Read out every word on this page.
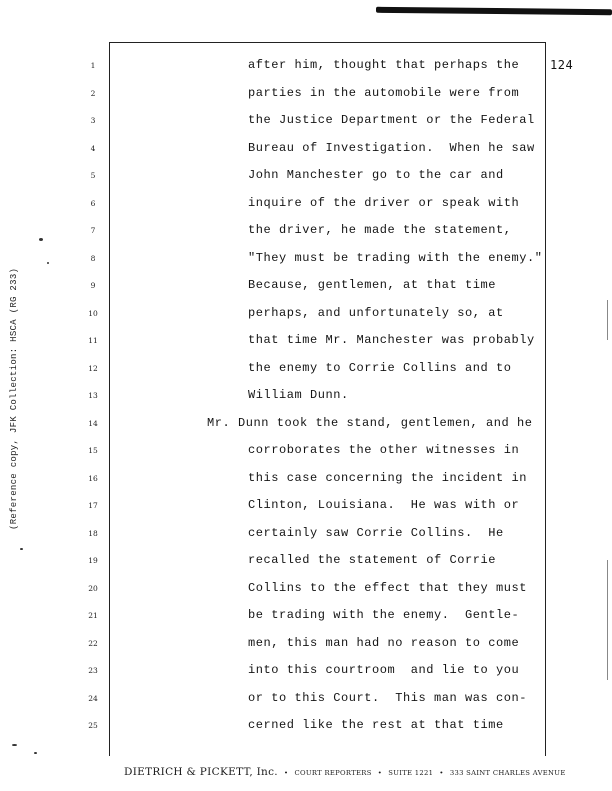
124
1
2
3
4
5
6
7
8
9
10
11
12
13
14
15
16
17
18
19
20
21
22
23
24
25
after him, thought that perhaps the
parties in the automobile were from
the Justice Department or the Federal
Bureau of Investigation.  When he saw
John Manchester go to the car and
inquire of the driver or speak with
the driver, he made the statement,
"They must be trading with the enemy."
Because, gentlemen, at that time
perhaps, and unfortunately so, at
that time Mr. Manchester was probably
the enemy to Corrie Collins and to
William Dunn.
Mr. Dunn took the stand, gentlemen, and he
corroborates the other witnesses in
this case concerning the incident in
Clinton, Louisiana.  He was with or
certainly saw Corrie Collins.  He
recalled the statement of Corrie
Collins to the effect that they must
be trading with the enemy.  Gentle-
men, this man had no reason to come
into this courtroom  and lie to you
or to this Court.  This man was con-
cerned like the rest at that time
(Reference copy, JFK Collection: HSCA (RG 233)
DIETRICH & PICKETT, Inc. • COURT REPORTERS • SUITE 1221 • 333 SAINT CHARLES AVENUE
